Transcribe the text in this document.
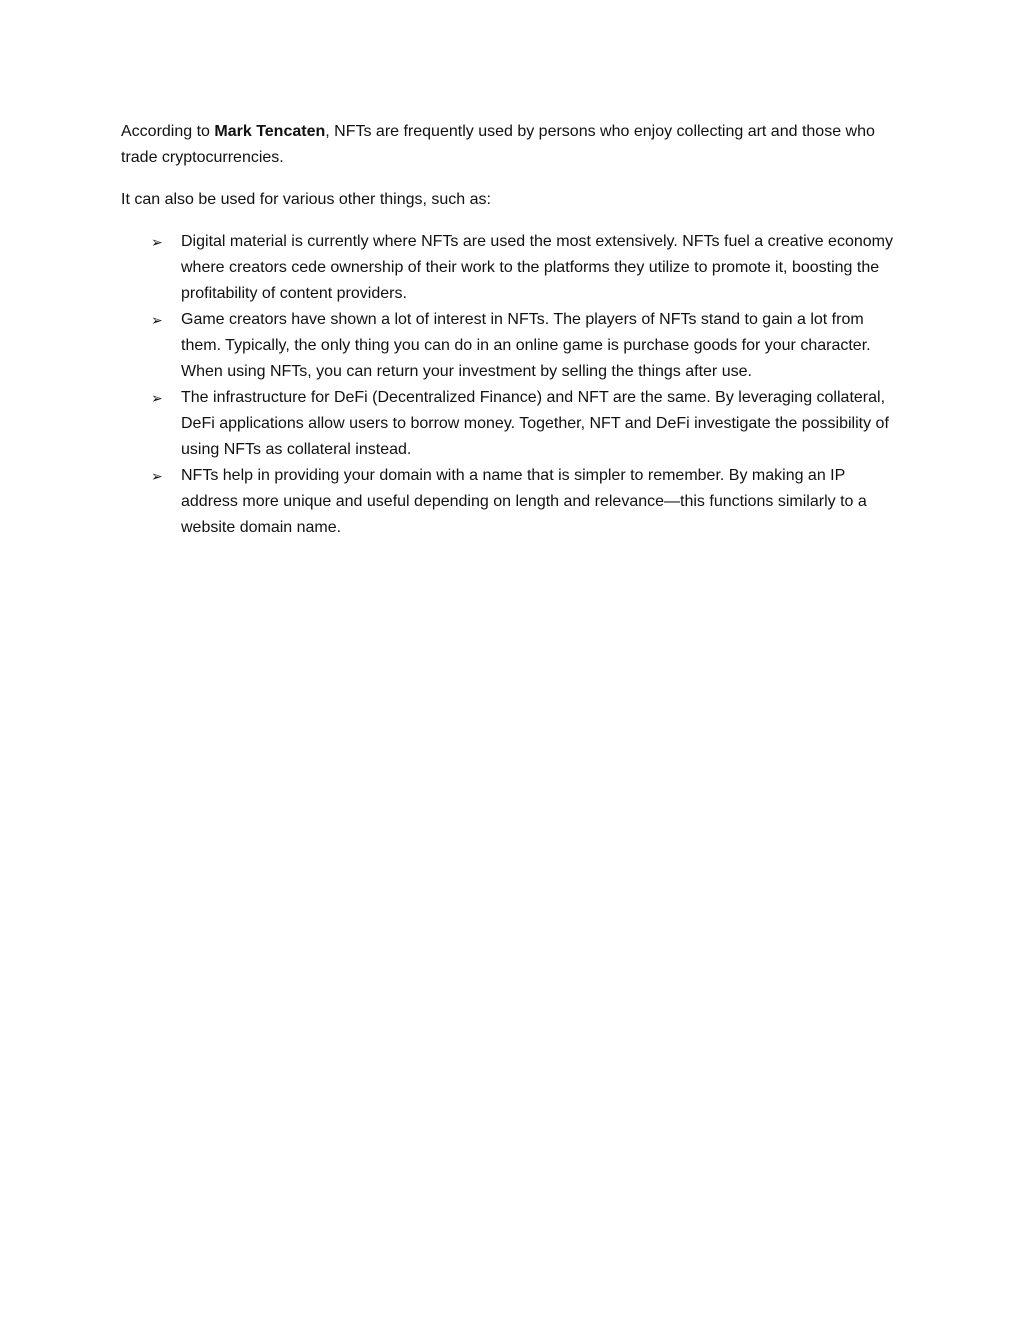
According to Mark Tencaten, NFTs are frequently used by persons who enjoy collecting art and those who trade cryptocurrencies.

It can also be used for various other things, such as:

➢	Digital material is currently where NFTs are used the most extensively. NFTs fuel a creative economy where creators cede ownership of their work to the platforms they utilize to promote it, boosting the profitability of content providers.
➢	Game creators have shown a lot of interest in NFTs. The players of NFTs stand to gain a lot from them. Typically, the only thing you can do in an online game is purchase goods for your character. When using NFTs, you can return your investment by selling the things after use.
➢	The infrastructure for DeFi (Decentralized Finance) and NFT are the same. By leveraging collateral, DeFi applications allow users to borrow money. Together, NFT and DeFi investigate the possibility of using NFTs as collateral instead.
➢	NFTs help in providing your domain with a name that is simpler to remember. By making an IP address more unique and useful depending on length and relevance—this functions similarly to a website domain name.
